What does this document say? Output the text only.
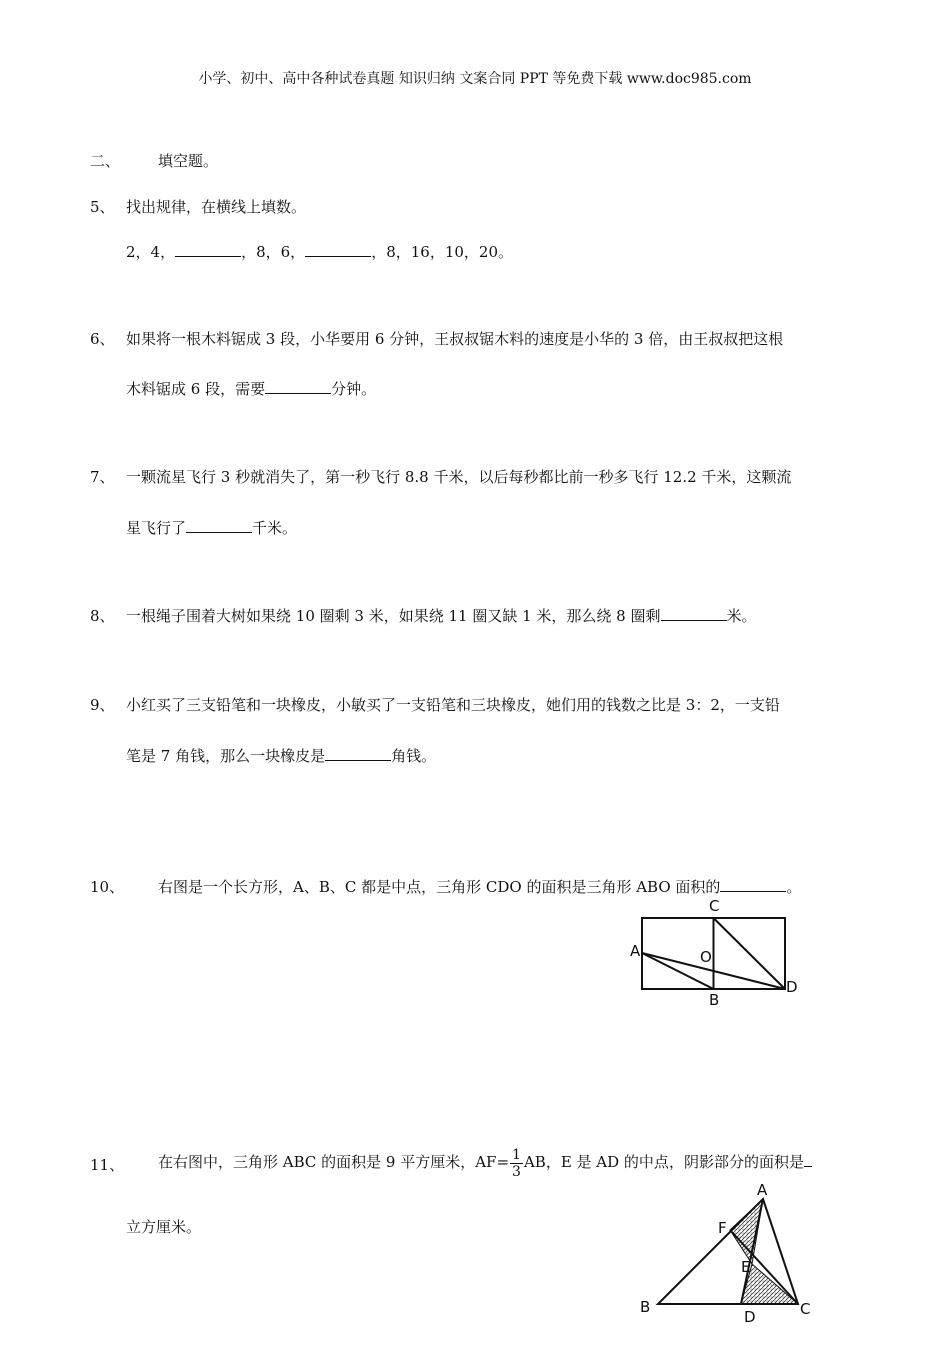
小学、初中、高中各种试卷真题 知识归纳 文案合同 PPT 等免费下载 www.doc985.com
二、	填空题。
5、 找出规律，在横线上填数。
2，4，	，8，6，	，8，16，10，20。
6、 如果将一根木料锯成 3 段，小华要用 6 分钟，王叔叔锯木料的速度是小华的 3 倍，由王叔叔把这根
木料锯成 6 段，需要	分钟。
7、 一颗流星飞行 3 秒就消失了，第一秒飞行 8.8 千米，以后每秒都比前一秒多飞行 12.2 千米，这颗流
星飞行了	千米。
8、 一根绳子围着大树如果绕 10 圈剩 3 米，如果绕 11 圈又缺 1 米，那么绕 8 圈剩	米。
9、 小红买了三支铅笔和一块橡皮，小敏买了一支铅笔和三块橡皮，她们用的钱数之比是 3：2，一支铅
笔是 7 角钱，那么一块橡皮是	角钱。
10、 右图是一个长方形，A、B、C 都是中点，三角形 CDO 的面积是三角形 ABO 面积的	。
A
C
O
B
D
11、 在右图中，三角形 ABC 的面积是 9 平方厘米，$AF= \frac{1}{3}$ AB，E 是 AD 的中点，阴影部分的面积是
立方厘米。
A
F
E
B
D	C
